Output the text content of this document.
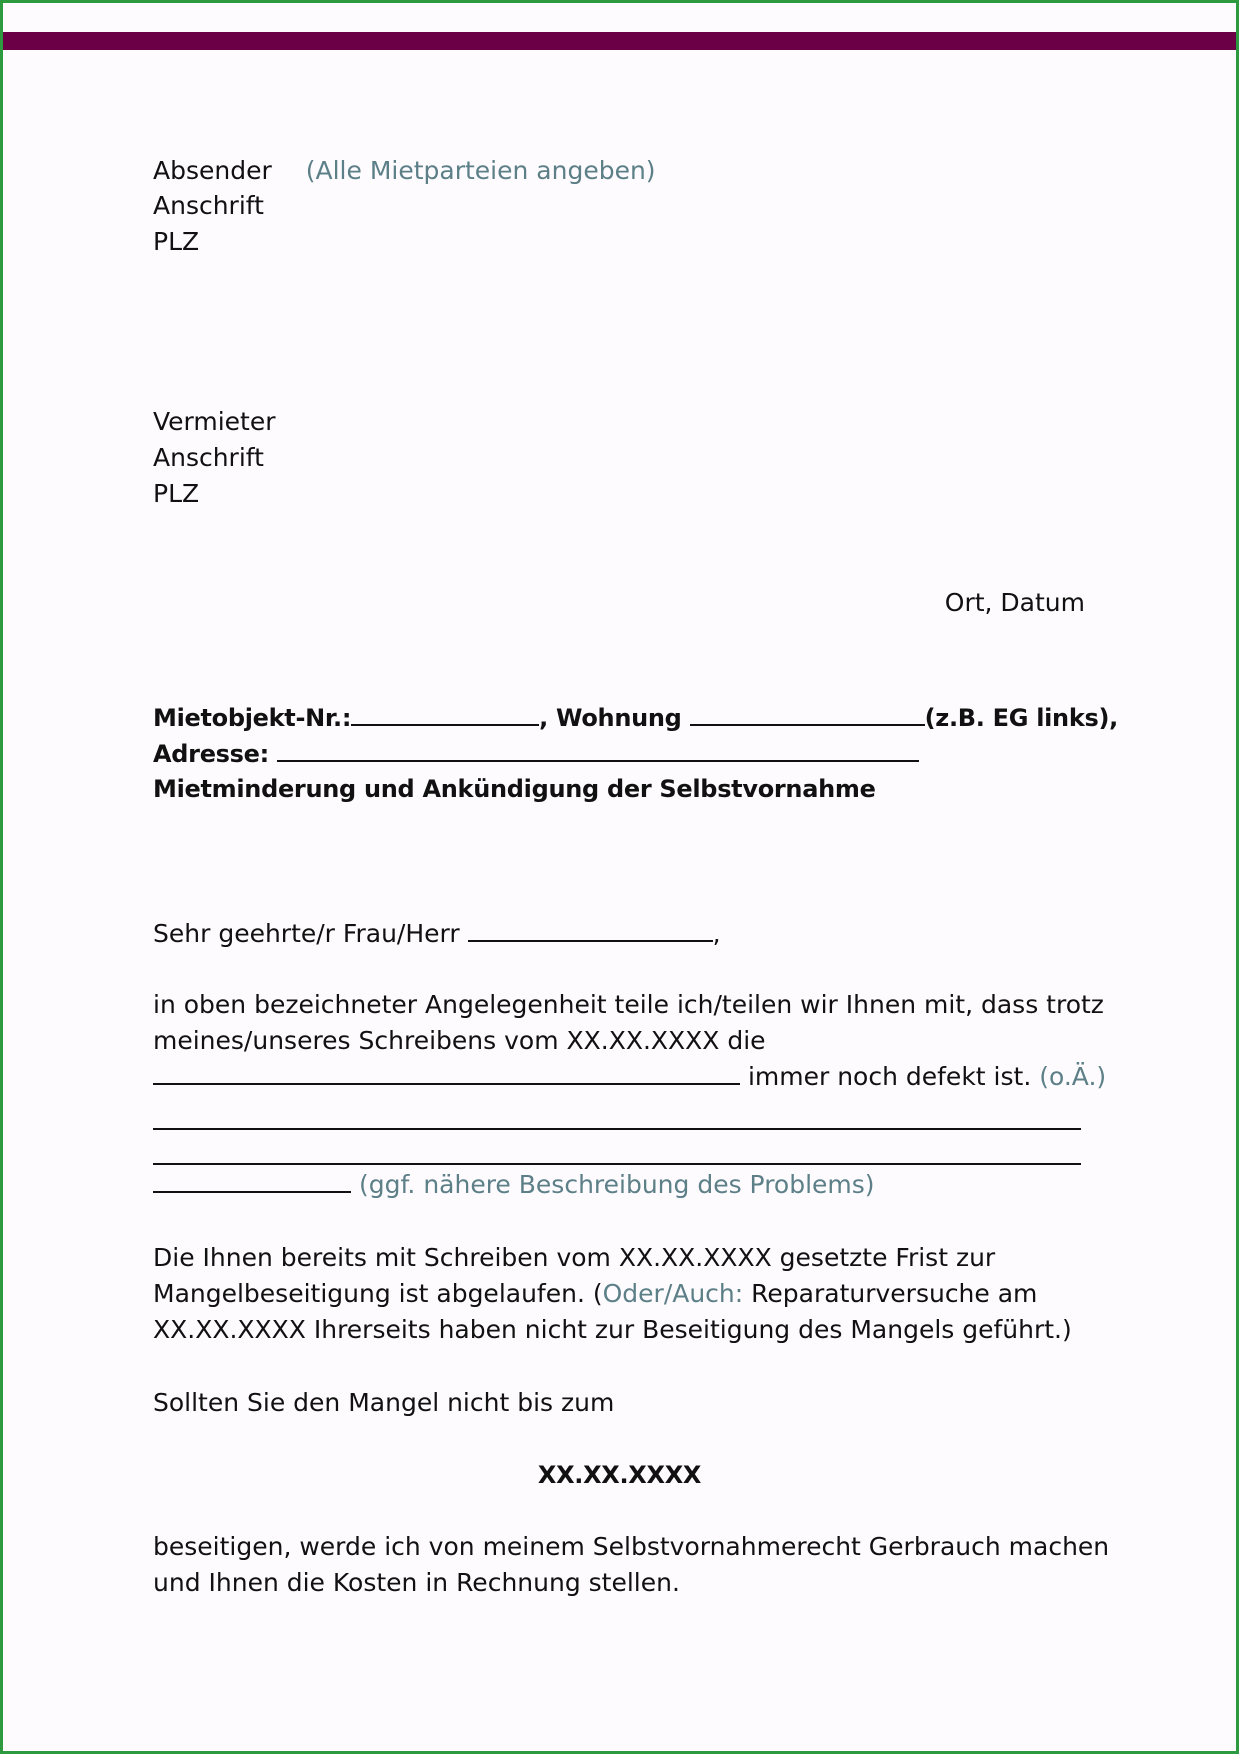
Absender (Alle Mietparteien angeben)
Anschrift
PLZ
Vermieter
Anschrift
PLZ
Ort, Datum
Mietobjekt-Nr.:	, Wohnung	(z.B. EG links),
Adresse:
Mietminderung und Ankündigung der Selbstvornahme
Sehr geehrte/r Frau/Herr	,
in oben bezeichneter Angelegenheit teile ich/teilen wir Ihnen mit, dass trotz
meines/unseres Schreibens vom XX.XX.XXXX die
immer noch defekt ist. (o.Ä.)
(ggf. nähere Beschreibung des Problems)
Die Ihnen bereits mit Schreiben vom XX.XX.XXXX gesetzte Frist zur
Mangelbeseitigung ist abgelaufen. (Oder/Auch: Reparaturversuche am
XX.XX.XXXX Ihrerseits haben nicht zur Beseitigung des Mangels geführt.)
Sollten Sie den Mangel nicht bis zum
XX.XX.XXXX
beseitigen, werde ich von meinem Selbstvornahmerecht Gerbrauch machen
und Ihnen die Kosten in Rechnung stellen.
